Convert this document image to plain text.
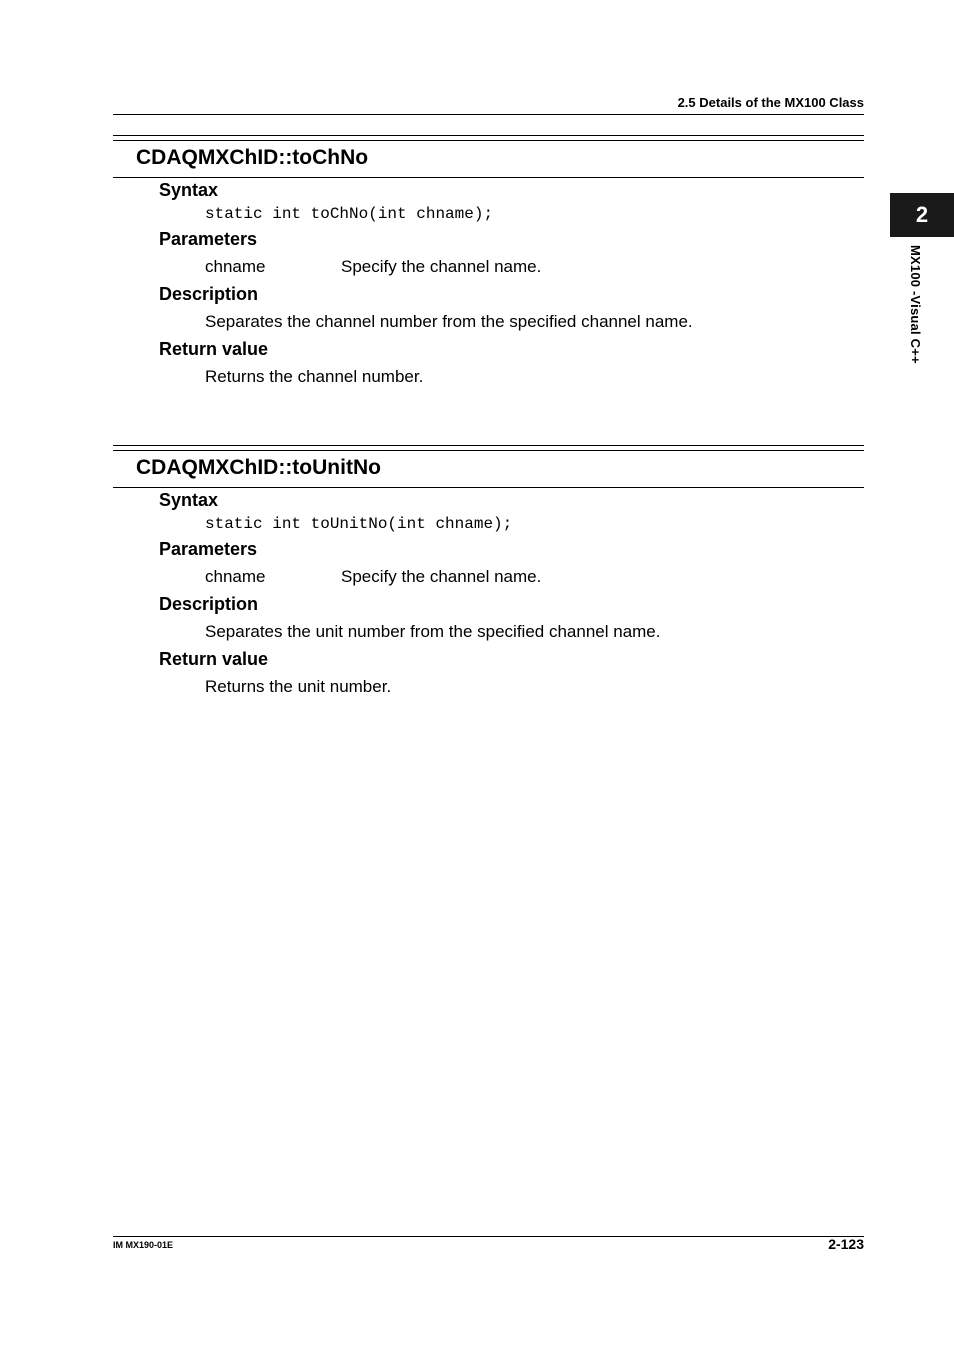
2.5 Details of the MX100 Class
2
MX100 -Visual C++
CDAQMXChID::toChNo
Syntax
static int toChNo(int chname);
Parameters
chname	Specify the channel name.
Description
Separates the channel number from the specified channel name.
Return value
Returns the channel number.
CDAQMXChID::toUnitNo
Syntax
static int toUnitNo(int chname);
Parameters
chname	Specify the channel name.
Description
Separates the unit number from the specified channel name.
Return value
Returns the unit number.
IM MX190-01E	2-123
